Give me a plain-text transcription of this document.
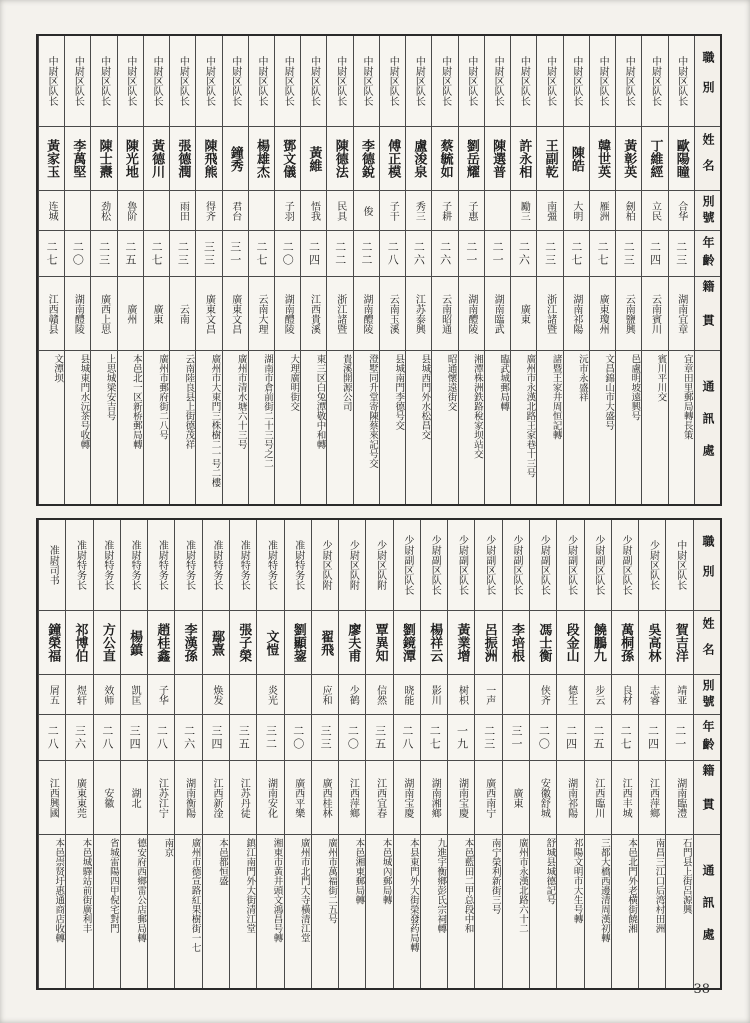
職別
姓名
別號
年齡
籍貫
通訊處
中尉区队长
歐陽瞳
合华
二三
湖南宜章
宜章田里郵局轉長策
中尉区队长
丁維經
立民
二四
云南賓川
賓川平川交
中尉区队长
黃彰英
劍柏
二三
云南鹽興
邑盧明坡遠興号
中尉区队长
韓世英
雁洲
二七
廣東瓊州
文昌錦山市大盛号
中尉区队长
陳皓
大明
二七
湖南祁陽
沅市永盛祥
中尉区队长
王副乾
南彊
二三
浙江諸暨
諸暨王家井周恒記轉
中尉区队长
許永相
勵三
二六
廣東
廣州市永漢北路王家巷十三号
中尉区队长
陳選普
二一
湖南臨武
臨武城郵局轉
中尉区队长
劉岳耀
子惠
二一
湖南醴陵
湘潭株洲鉄路稅家坝站交
中尉区队长
蔡毓如
子耕
二六
云南昭通
昭通懷遠街交
中尉区队长
盧浚泉
秀三
二六
江苏泰興
县城西門外水松昌交
中尉区队长
傅正模
子干
二八
云南玉溪
县城南門李德号交
中尉区队长
李德銳
俊
二二
湖南醴陵
澄墅同升堂寄陳蔡來記号交
中尉区队长
陳德法
民具
二二
浙江諸暨
貴溪開源公司
中尉区队长
黃維
悟我
二四
江西貴溪
東三区白兔潭敬中和轉
中尉区队长
鄧文儀
子羽
二〇
湖南醴陵
大理廣明街交
中尉区队长
楊雄杰
二七
云南大理
湖南市倉前街二十三号之二
中尉区队长
鐘秀
君台
三一
廣東文昌
廣州市清水塘六十三号
中尉区队长
陳飛熊
得齐
三三
廣東文昌
廣州市大東門三株樹二一号二樓
中尉区队长
張德潤
雨田
二三
云南
云南陸良县上街德茂祥
中尉区队长
黃德川
二七
廣東
廣州市郵府街二八号
中尉区队长
陳光地
魯阶
二五
廣州
本邑北一区新桥郵局轉
中尉区队长
陳士燾
劲松
二三
廣西上思
上思城梁安吉号
中尉区队长
李萬堅
二〇
湖南醴陵
县城東門水沅茶号收轉
中尉区队长
黃家玉
连城
二七
江西贛县
文潭坝
職別
姓名
別號
年齡
籍貫
通訊處
中尉区队长
賀吉洋
靖亚
二一
湖南臨澧
石門县上街呂源興
少尉区队长
吳高林
志睿
二四
江西萍鄉
南昌三江口后湾村田洲
少尉副区队长
萬桐孫
良材
二七
江西丰城
本邑北門外老横街饒湘
少尉副区队长
饒鵬九
步云
二五
江西臨川
三都大橋西邊清周漢初轉
少尉副区队长
段金山
德生
二四
湖南祁陽
祁陽文明市大生号轉
少尉副区队长
馮士衡
侠齐
二〇
安徽舒城
舒城县城德記号
少尉副区队长
李培根
三一
廣東
廣州市永漢北路六十二
少尉副区队长
呂振洲
一声
二三
廣西南宁
南宁榮利新街三号
少尉副区队长
黃業增
树枳
一九
湖南宝慶
本邑藍田二甲总段中和
少尉副区队长
楊祥云
影川
二七
湖南湘鄉
九進宇衡鄉彭氏宗祠轉
少尉副区队长
劉鏡潭
晓能
二八
湖南宝慶
本县東門外大街榮發药局轉
少尉区队附
覃異知
信然
三五
江西宜春
本邑城內郵局轉
少尉区队附
廖夫甫
少鹤
二〇
江西萍鄉
本邑湘東郵局轉
少尉区队附
翟飛
应和
三三
廣西桂林
廣州市萬福街二五号
准尉特务长
劉顯鋆
二〇
廣西平樂
廣州市北門大寺橫清江堂
准尉特务长
文愷
炎光
三二
湖南安化
湘東市黃井頭文鴻昌号轉
准尉特务长
張子榮
三五
江苏丹徒
鎮江南門外大街清江堂
准尉特务长
鄢熹
焕发
三四
江西新淦
本邑都恒盛
准尉特务长
李漢孫
二六
湖南衡陽
廣州市德宣路紅果樹街一七
准尉特务长
趙桂鑫
子华
二八
江苏江宁
南京
准尉特务长
楊鎮
凯匡
三四
湖北
德安府西鄉雷公店郵局轉
准尉特务长
方公直
效师
二八
安徽
省城雷陽四甲倪宅對門
准尉特务长
祁博伯
煜轩
三六
廣東東莞
本邑城驛站前街廣利丰
准尉司书
鐘榮福
屑五
二八
江西興國
本邑崇贤圩惠通商店收轉
38
